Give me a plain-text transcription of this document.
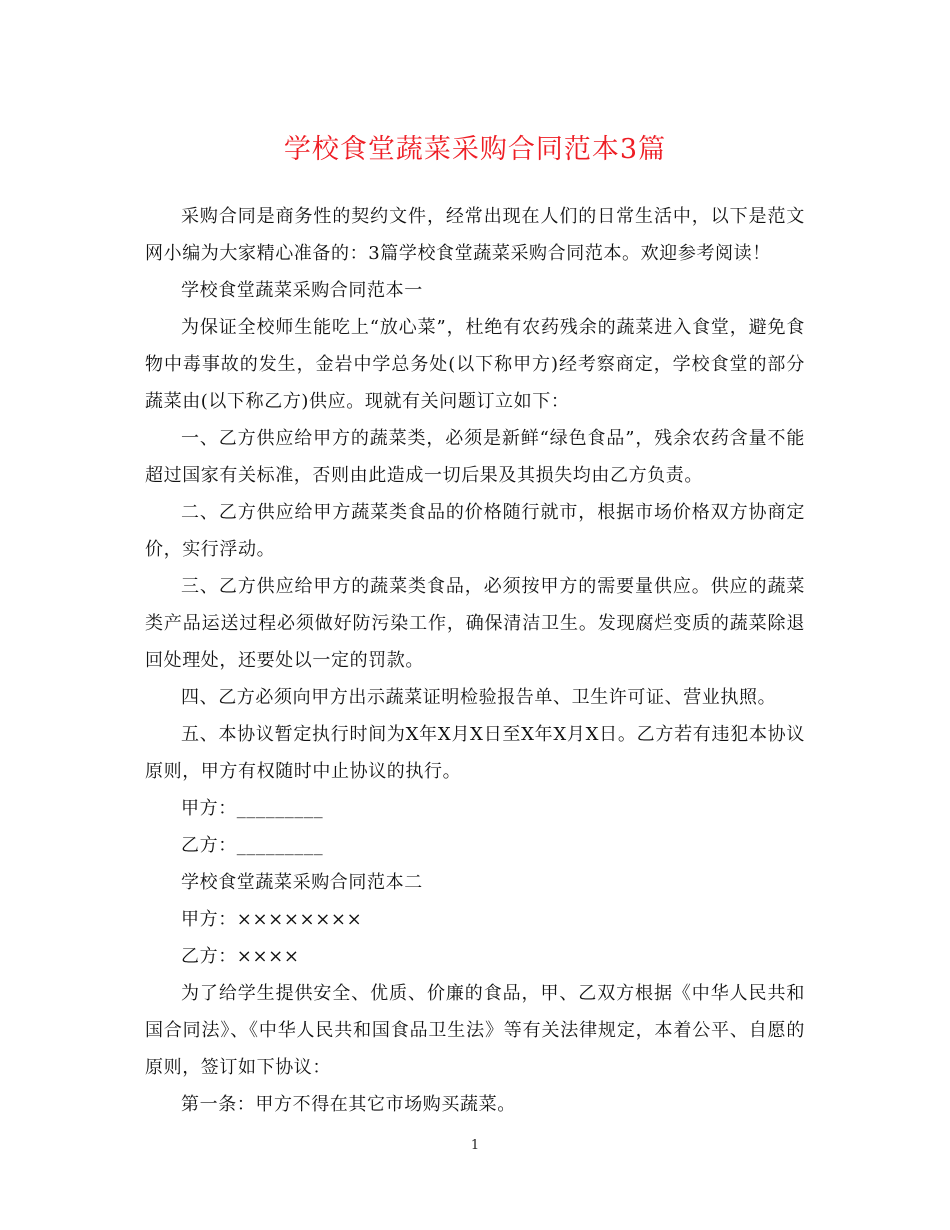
学校食堂蔬菜采购合同范本3篇

采购合同是商务性的契约文件，经常出现在人们的日常生活中，以下是范文网小编为大家精心准备的：3篇学校食堂蔬菜采购合同范本。欢迎参考阅读！

学校食堂蔬菜采购合同范本一

为保证全校师生能吃上“放心菜”，杜绝有农药残余的蔬菜进入食堂，避免食物中毒事故的发生，金岩中学总务处(以下称甲方)经考察商定，学校食堂的部分蔬菜由(以下称乙方)供应。现就有关问题订立如下：

一、乙方供应给甲方的蔬菜类，必须是新鲜“绿色食品”，残余农药含量不能超过国家有关标准，否则由此造成一切后果及其损失均由乙方负责。

二、乙方供应给甲方蔬菜类食品的价格随行就市，根据市场价格双方协商定价，实行浮动。

三、乙方供应给甲方的蔬菜类食品，必须按甲方的需要量供应。供应的蔬菜类产品运送过程必须做好防污染工作，确保清洁卫生。发现腐烂变质的蔬菜除退回处理处，还要处以一定的罚款。

四、乙方必须向甲方出示蔬菜证明检验报告单、卫生许可证、营业执照。

五、本协议暂定执行时间为X年X月X日至X年X月X日。乙方若有违犯本协议原则，甲方有权随时中止协议的执行。

甲方：_________

乙方：_________

学校食堂蔬菜采购合同范本二

甲方：××××××××

乙方：××××

为了给学生提供安全、优质、价廉的食品，甲、乙双方根据《中华人民共和国合同法》、《中华人民共和国食品卫生法》等有关法律规定，本着公平、自愿的原则，签订如下协议：

第一条：甲方不得在其它市场购买蔬菜。

1
